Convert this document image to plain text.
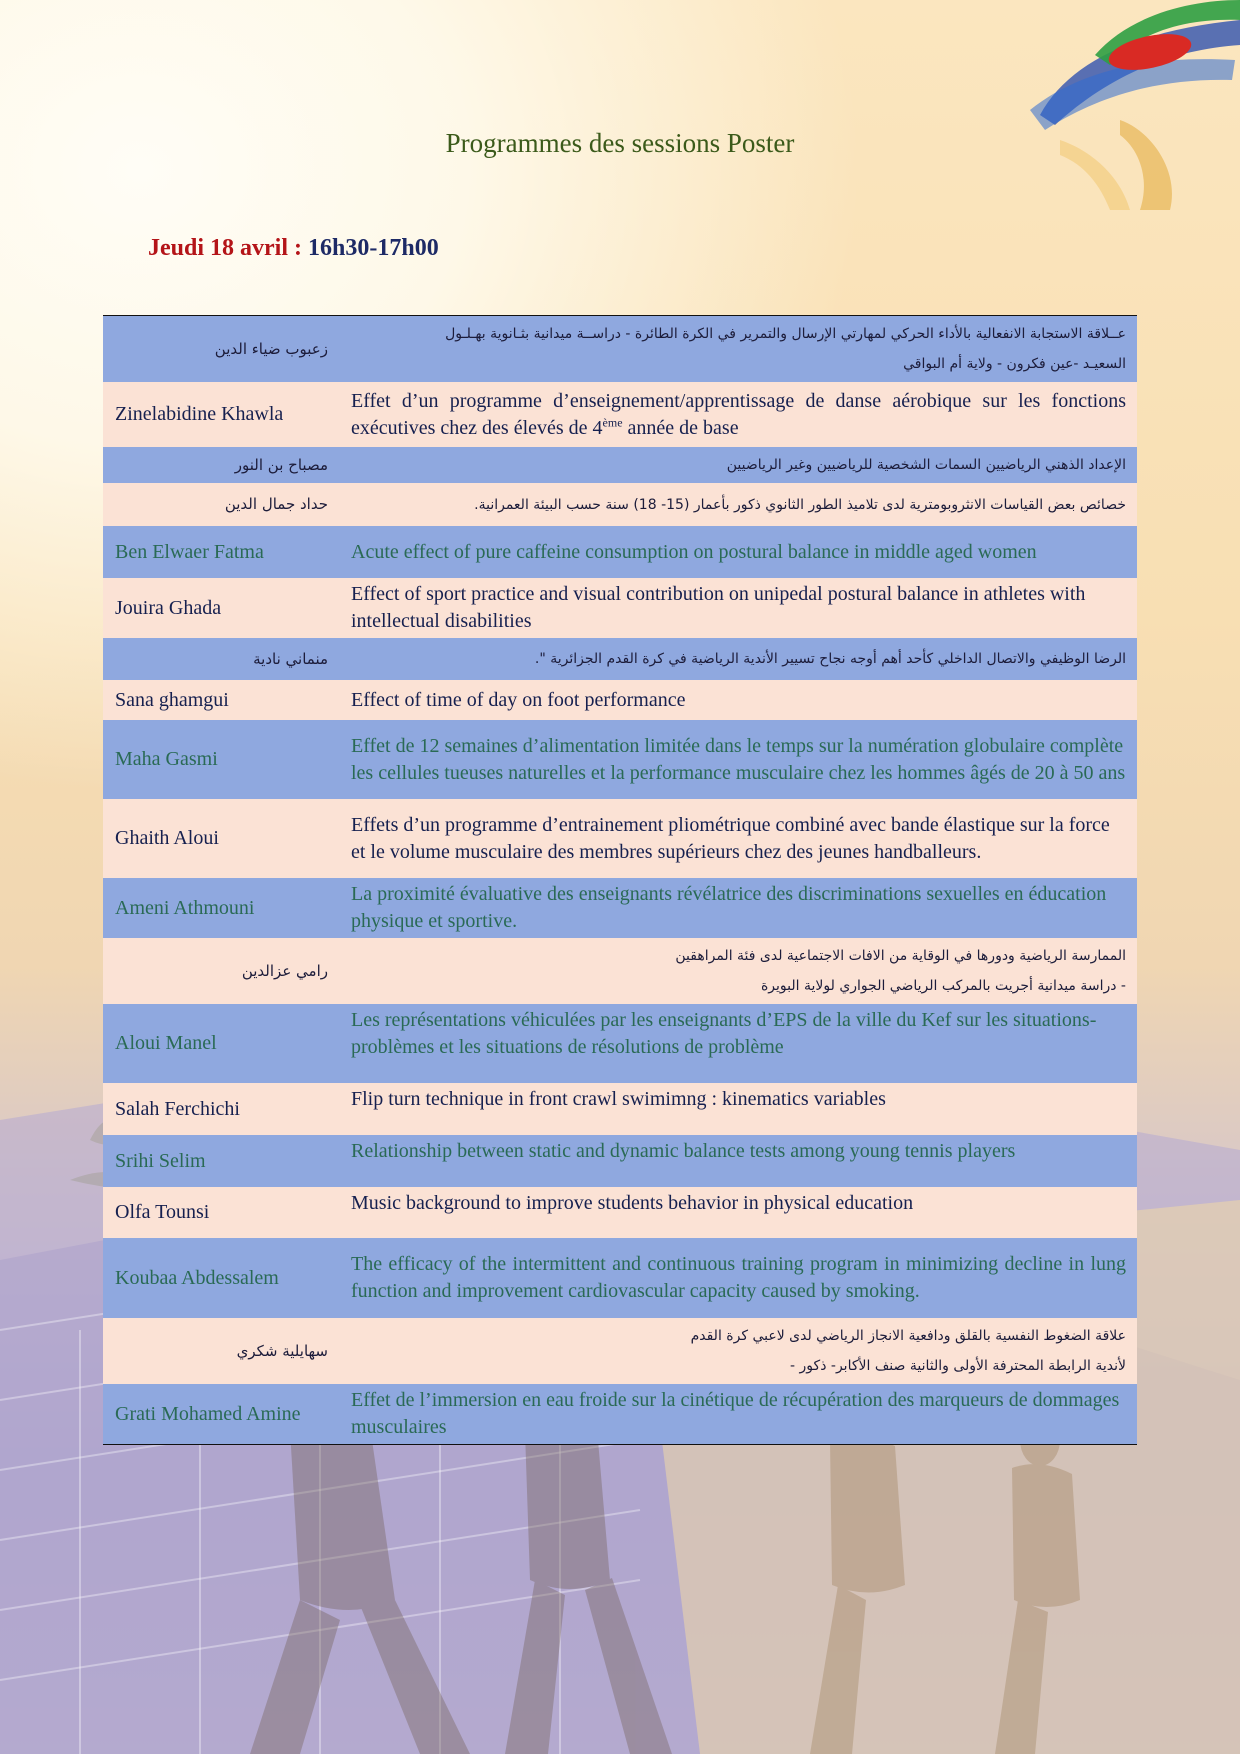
Programmes des sessions Poster
Jeudi 18 avril : 16h30-17h00
زعبوب ضياء الدين	عــلاقة الاستجابة الانفعالية بالأداء الحركي لمهارتي الإرسال والتمرير في الكرة الطائرة - دراســة ميدانية بثـانوية بهـلـول
السعيـد -عين فكرون - ولاية أم البواقي

Zinelabidine Khawla	Effet d’un programme d’enseignement/apprentissage de danse aérobique sur les fonctions exécutives chez des élevés de 4ème année de base
مصباح بن النور	الإعداد الذهني الرياضيين السمات الشخصية للرياضيين وغير الرياضيين

حداد جمال الدين	خصائص بعض القياسات الانثروبومترية لدى تلاميذ الطور الثانوي ذكور بأعمار (15- 18) سنة حسب البيئة العمرانية.

Ben Elwaer Fatma	Acute effect of pure caffeine consumption on postural balance in middle aged women
Jouira Ghada	Effect of sport practice and visual contribution on unipedal postural balance in athletes with intellectual disabilities
منماني نادية	الرضا الوظيفي والاتصال الداخلي كأحد أهم أوجه نجاح تسيير الأندية الرياضية في كرة القدم الجزائرية ".

Sana ghamgui	Effect of time of day on foot performance
Maha Gasmi	Effet de 12 semaines d’alimentation limitée dans le temps sur la numération globulaire complète les cellules tueuses naturelles et la performance musculaire chez les hommes âgés de 20 à 50 ans
Ghaith Aloui	Effets d’un programme d’entrainement pliométrique combiné avec bande élastique sur la force et le volume musculaire des membres supérieurs chez des jeunes handballeurs.
Ameni Athmouni	La proximité évaluative des enseignants révélatrice des discriminations sexuelles en éducation physique et sportive.
رامي عزالدين	الممارسة الرياضية ودورها في الوقاية من الافات الاجتماعية لدى فئة المراهقين
- دراسة ميدانية أجريت بالمركب الرياضي الجواري لولاية البويرة

Aloui Manel	Les représentations véhiculées par les enseignants d’EPS de la ville du Kef sur les situations-problèmes et les situations de résolutions de problème
Salah Ferchichi	Flip turn technique in front crawl swimimng : kinematics variables
Srihi Selim	Relationship between static and dynamic balance tests among young tennis players
Olfa Tounsi	Music background to improve students behavior in physical education
Koubaa Abdessalem	The efficacy of the intermittent and continuous training program in minimizing decline in lung function and improvement cardiovascular capacity caused by smoking.
سهايلية شكري	علاقة الضغوط النفسية بالقلق ودافعية الانجاز الرياضي لدى لاعبي كرة القدم
لأندية الرابطة المحترفة الأولى والثانية صنف الأكابر- ذكور -

Grati Mohamed Amine	Effet de l’immersion en eau froide sur la cinétique de récupération des marqueurs de dommages musculaires
